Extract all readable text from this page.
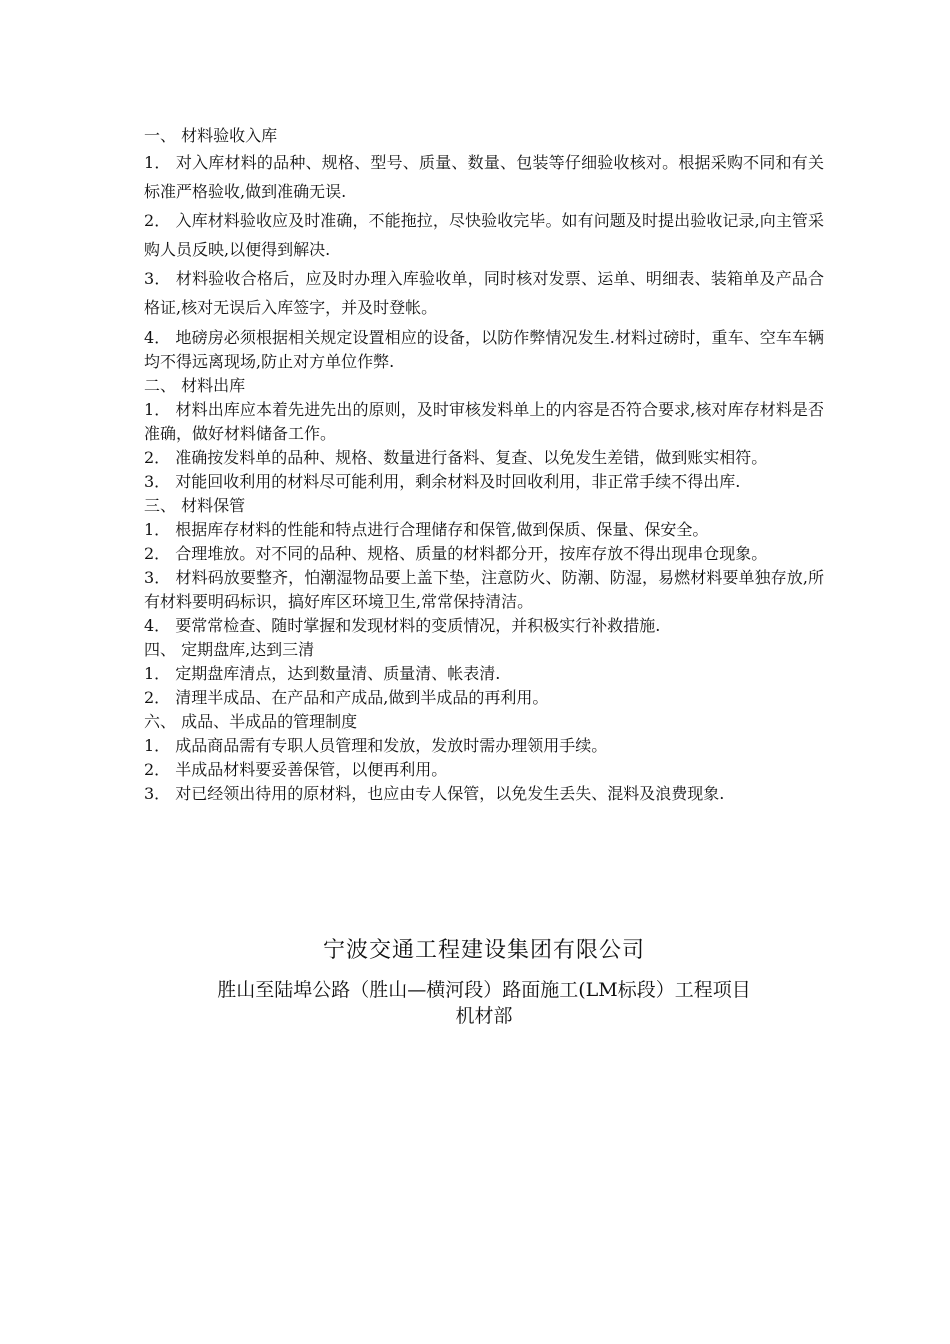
一、 材料验收入库
1． 对入库材料的品种、规格、型号、质量、数量、包装等仔细验收核对。根据采购不同和有关标准严格验收,做到准确无误.
2． 入库材料验收应及时准确，不能拖拉，尽快验收完毕。如有问题及时提出验收记录,向主管采购人员反映,以便得到解决.
3． 材料验收合格后，应及时办理入库验收单，同时核对发票、运单、明细表、装箱单及产品合格证,核对无误后入库签字，并及时登帐。
4． 地磅房必须根据相关规定设置相应的设备，以防作弊情况发生.材料过磅时，重车、空车车辆均不得远离现场,防止对方单位作弊.
二、 材料出库
1． 材料出库应本着先进先出的原则，及时审核发料单上的内容是否符合要求,核对库存材料是否准确，做好材料储备工作。
2． 准确按发料单的品种、规格、数量进行备料、复查、以免发生差错，做到账实相符。
3． 对能回收利用的材料尽可能利用，剩余材料及时回收利用，非正常手续不得出库.
三、 材料保管
1． 根据库存材料的性能和特点进行合理储存和保管,做到保质、保量、保安全。
2． 合理堆放。对不同的品种、规格、质量的材料都分开，按库存放不得出现串仓现象。
3． 材料码放要整齐，怕潮湿物品要上盖下垫，注意防火、防潮、防湿，易燃材料要单独存放,所有材料要明码标识，搞好库区环境卫生,常常保持清洁。
4． 要常常检查、随时掌握和发现材料的变质情况，并积极实行补救措施.
四、 定期盘库,达到三清
1． 定期盘库清点，达到数量清、质量清、帐表清.
2． 清理半成品、在产品和产成品,做到半成品的再利用。
六、 成品、半成品的管理制度
1． 成品商品需有专职人员管理和发放，发放时需办理领用手续。
2． 半成品材料要妥善保管，以便再利用。
3． 对已经领出待用的原材料，也应由专人保管，以免发生丢失、混料及浪费现象.
宁波交通工程建设集团有限公司
胜山至陆埠公路（胜山—横河段）路面施工(LM标段）工程项目
机材部
